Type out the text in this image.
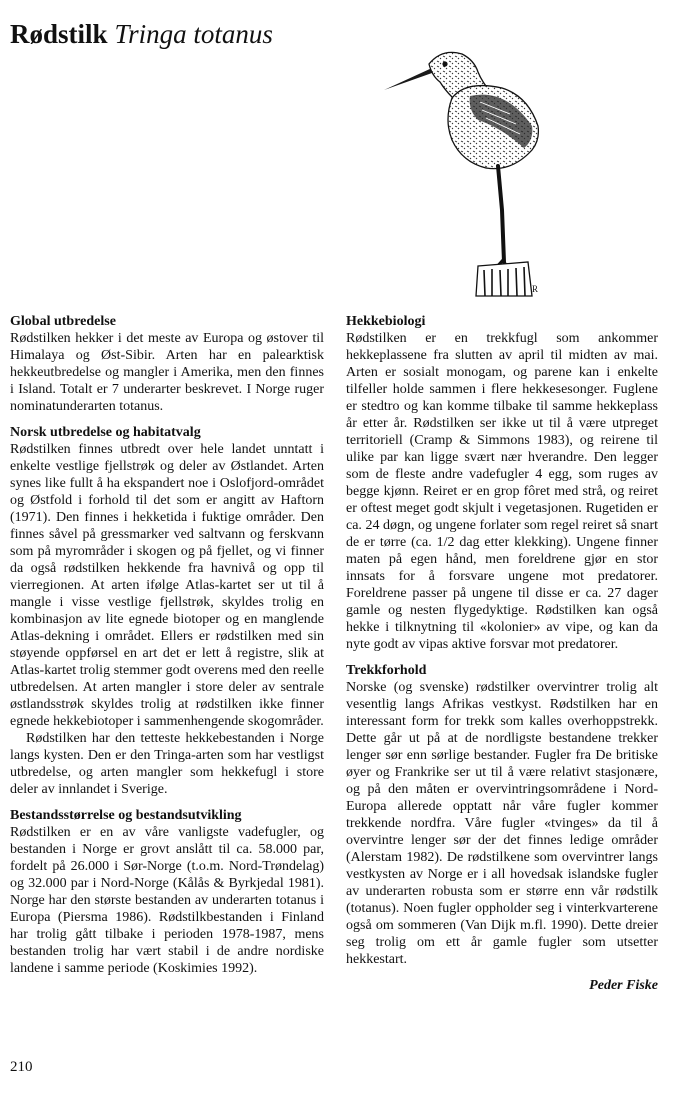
Rødstilk Tringa totanus
R
Global utbredelse

Rødstilken hekker i det meste av Europa og østover til Himalaya og Øst-Sibir. Arten har en palearktisk hekkeutbredelse og mangler i Amerika, men den finnes i Island. Totalt er 7 underarter beskrevet. I Norge ruger nominatunderarten totanus.

Norsk utbredelse og habitatvalg

Rødstilken finnes utbredt over hele landet unntatt i enkelte vestlige fjellstrøk og deler av Østlandet. Arten synes like fullt å ha ekspandert noe i Oslofjord-området og Østfold i forhold til det som er angitt av Haftorn (1971). Den finnes i hekketida i fuktige områder. Den finnes såvel på gressmarker ved saltvann og ferskvann som på myrområder i skogen og på fjellet, og vi finner da også rødstilken hekkende fra havnivå og opp til vierregionen. At arten ifølge Atlas-kartet ser ut til å mangle i visse vestlige fjellstrøk, skyldes trolig en kombinasjon av lite egnede biotoper og en manglende Atlas-dekning i området. Ellers er rødstilken med sin støyende oppførsel en art det er lett å registre, slik at Atlas-kartet trolig stemmer godt overens med den reelle utbredelsen. At arten mangler i store deler av sentrale østlandsstrøk skyldes trolig at rødstilken ikke finner egnede hekkebiotoper i sammenhengende skogområder.

Rødstilken har den tetteste hekkebestanden i Norge langs kysten. Den er den Tringa-arten som har vestligst utbredelse, og arten mangler som hekkefugl i store deler av innlandet i Sverige.

Bestandsstørrelse og bestandsutvikling

Rødstilken er en av våre vanligste vadefugler, og bestanden i Norge er grovt anslått til ca. 58.000 par, fordelt på 26.000 i Sør-Norge (t.o.m. Nord-Trøndelag) og 32.000 par i Nord-Norge (Kålås & Byrkjedal 1981). Norge har den største bestanden av underarten totanus i Europa (Piersma 1986). Rødstilkbestanden i Finland har trolig gått tilbake i perioden 1978-1987, mens bestanden trolig har vært stabil i de andre nordiske landene i samme periode (Koskimies 1992).

Hekkebiologi

Rødstilken er en trekkfugl som ankommer hekkeplassene fra slutten av april til midten av mai. Arten er sosialt monogam, og parene kan i enkelte tilfeller holde sammen i flere hekkesesonger. Fuglene er stedtro og kan komme tilbake til samme hekkeplass år etter år. Rødstilken ser ikke ut til å være utpreget territoriell (Cramp & Simmons 1983), og reirene til ulike par kan ligge svært nær hverandre. Den legger som de fleste andre vadefugler 4 egg, som ruges av begge kjønn. Reiret er en grop fôret med strå, og reiret er oftest meget godt skjult i vegetasjonen. Rugetiden er ca. 24 døgn, og ungene forlater som regel reiret så snart de er tørre (ca. 1/2 dag etter klekking). Ungene finner maten på egen hånd, men foreldrene gjør en stor innsats for å forsvare ungene mot predatorer. Foreldrene passer på ungene til disse er ca. 27 dager gamle og nesten flygedyktige. Rødstilken kan også hekke i tilknytning til «kolonier» av vipe, og kan da nyte godt av vipas aktive forsvar mot predatorer.

Trekkforhold

Norske (og svenske) rødstilker overvintrer trolig alt vesentlig langs Afrikas vestkyst. Rødstilken har en interessant form for trekk som kalles overhoppstrekk. Dette går ut på at de nordligste bestandene trekker lenger sør enn sørlige bestander. Fugler fra De britiske øyer og Frankrike ser ut til å være relativt stasjonære, og på den måten er overvintringsområdene i Nord-Europa allerede opptatt når våre fugler kommer trekkende nordfra. Våre fugler «tvinges» da til å overvintre lenger sør der det finnes ledige områder (Alerstam 1982). De rødstilkene som overvintrer langs vestkysten av Norge er i all hovedsak islandske fugler av underarten robusta som er større enn vår rødstilk (totanus). Noen fugler oppholder seg i vinterkvarterene også om sommeren (Van Dijk m.fl. 1990). Dette dreier seg trolig om ett år gamle fugler som utsetter hekkestart.

Peder Fiske

210
